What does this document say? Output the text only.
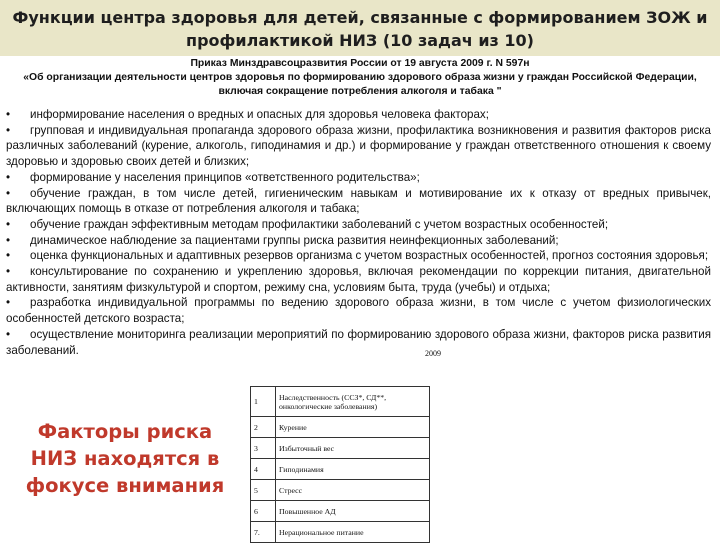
Функции центра здоровья для детей, связанные с формированием ЗОЖ и профилактикой НИЗ (10 задач из 10)
Приказ Минздравсоцразвития России от 19 августа 2009 г. N 597н
«Об организации деятельности центров здоровья по формированию здорового образа жизни у граждан Российской Федерации, включая сокращение потребления алкоголя и табака "

• информирование населения о вредных и опасных для здоровья человека факторах;

• групповая и индивидуальная пропаганда здорового образа жизни, профилактика возникновения и развития факторов риска различных заболеваний (курение, алкоголь, гиподинамия и др.) и формирование у граждан ответственного отношения к своему здоровью и здоровью своих детей и близких;

• формирование у населения принципов «ответственного родительства»;

• обучение граждан, в том числе детей, гигиеническим навыкам и мотивирование их к отказу от вредных привычек, включающих помощь в отказе от потребления алкоголя и табака;

• обучение граждан эффективным методам профилактики заболеваний с учетом возрастных особенностей;

• динамическое наблюдение за пациентами группы риска развития неинфекционных заболеваний;

• оценка функциональных и адаптивных резервов организма с учетом возрастных особенностей, прогноз состояния здоровья;

• консультирование по сохранению и укреплению здоровья, включая рекомендации по коррекции питания, двигательной активности, занятиям физкультурой и спортом, режиму сна, условиям быта, труда (учебы) и отдыха;

• разработка индивидуальной программы по ведению здорового образа жизни, в том числе с учетом физиологических особенностей детского возраста;

• осуществление мониторинга реализации мероприятий по формированию здорового образа жизни, факторов риска развития заболеваний.

Факторы риска НИЗ находятся в фокусе внимания

2009
1	Наследственность (ССЗ*, СД**, онкологические заболевания)
2	Курение
3	Избыточный вес
4	Гиподинамия
5	Стресс
6	Повышенное АД
7.	Нерациональное питание
